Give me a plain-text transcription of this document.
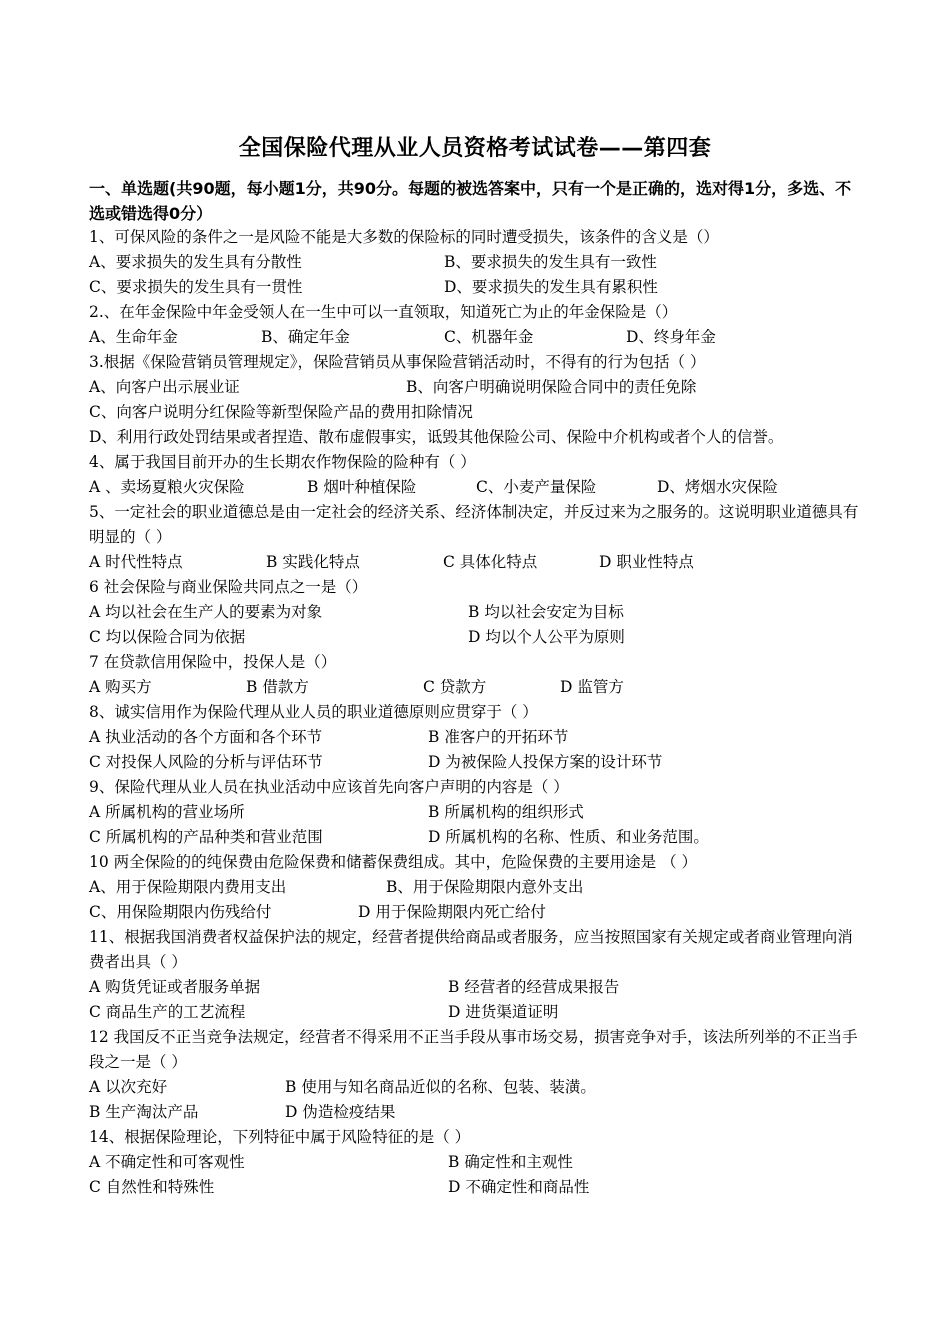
全国保险代理从业人员资格考试试卷——第四套
一、单选题(共90题，每小题1分，共90分。每题的被选答案中，只有一个是正确的，选对得1分，多选、不选或错选得0分）
1、可保风险的条件之一是风险不能是大多数的保险标的同时遭受损失，该条件的含义是（）
A、要求损失的发生具有分散性	B、要求损失的发生具有一致性
C、要求损失的发生具有一贯性	D、要求损失的发生具有累积性
2.、在年金保险中年金受领人在一生中可以一直领取，知道死亡为止的年金保险是（）
A、生命年金	B、确定年金	C、机器年金	D、终身年金
3.根据《保险营销员管理规定》，保险营销员从事保险营销活动时，不得有的行为包括（ ）
A、向客户出示展业证	B、向客户明确说明保险合同中的责任免除
C、向客户说明分红保险等新型保险产品的费用扣除情况
D、利用行政处罚结果或者捏造、散布虚假事实，诋毁其他保险公司、保险中介机构或者个人的信誉。
4、属于我国目前开办的生长期农作物保险的险种有（ ）
A 、卖场夏粮火灾保险	B 烟叶种植保险	C、小麦产量保险	D、烤烟水灾保险
5、一定社会的职业道德总是由一定社会的经济关系、经济体制决定，并反过来为之服务的。这说明职业道德具有明显的（ ）
A 时代性特点	B 实践化特点	C 具体化特点	D 职业性特点
6 社会保险与商业保险共同点之一是（）
A 均以社会在生产人的要素为对象	B 均以社会安定为目标
C 均以保险合同为依据	D 均以个人公平为原则
7 在贷款信用保险中，投保人是（）
A 购买方	B 借款方	C 贷款方	D 监管方
8、诚实信用作为保险代理从业人员的职业道德原则应贯穿于（ ）
A 执业活动的各个方面和各个环节	B 准客户的开拓环节
C 对投保人风险的分析与评估环节	D 为被保险人投保方案的设计环节
9、保险代理从业人员在执业活动中应该首先向客户声明的内容是（ ）
A 所属机构的营业场所	B 所属机构的组织形式
C 所属机构的产品种类和营业范围	D 所属机构的名称、性质、和业务范围。
10 两全保险的的纯保费由危险保费和储蓄保费组成。其中，危险保费的主要用途是 （ ）
A、用于保险期限内费用支出	B、用于保险期限内意外支出
C、用保险期限内伤残给付	D 用于保险期限内死亡给付
11、根据我国消费者权益保护法的规定，经营者提供给商品或者服务，应当按照国家有关规定或者商业管理向消费者出具（ ）
A 购货凭证或者服务单据	B 经营者的经营成果报告
C 商品生产的工艺流程	D 进货渠道证明
12 我国反不正当竞争法规定，经营者不得采用不正当手段从事市场交易，损害竞争对手，该法所列举的不正当手段之一是（ ）
A 以次充好	B 使用与知名商品近似的名称、包装、装潢。
B 生产淘汰产品	D 伪造检疫结果
14、根据保险理论，下列特征中属于风险特征的是（ ）
A 不确定性和可客观性	B 确定性和主观性
C 自然性和特殊性	D 不确定性和商品性
